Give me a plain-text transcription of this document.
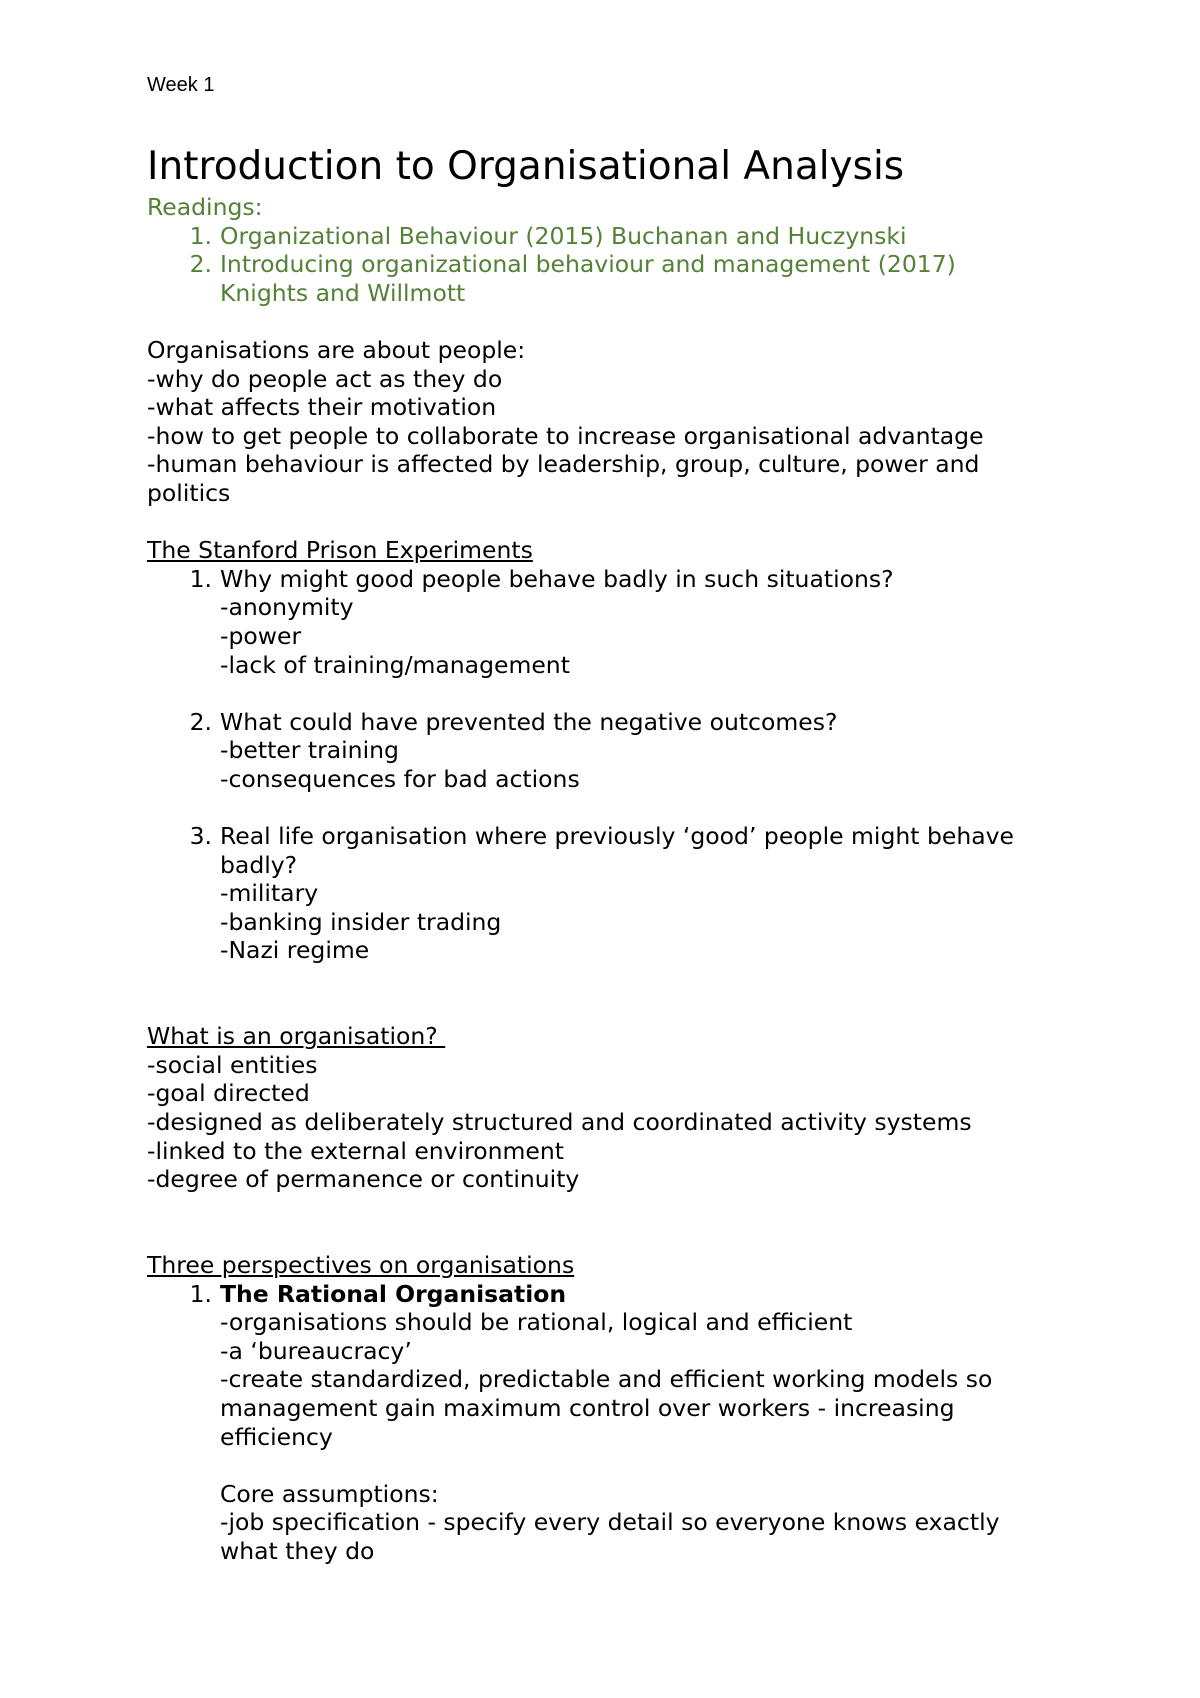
Week 1
Introduction to Organisational Analysis
Readings:
1. Organizational Behaviour (2015) Buchanan and Huczynski
2. Introducing organizational behaviour and management (2017)
Knights and Willmott
Organisations are about people:
-why do people act as they do
-what affects their motivation
-how to get people to collaborate to increase organisational advantage
-human behaviour is affected by leadership, group, culture, power and
politics
The Stanford Prison Experiments
1. Why might good people behave badly in such situations?
-anonymity
-power
-lack of training/management
2. What could have prevented the negative outcomes?
-better training
-consequences for bad actions
3. Real life organisation where previously ‘good’ people might behave
badly?
-military
-banking insider trading
-Nazi regime
What is an organisation?
-social entities
-goal directed
-designed as deliberately structured and coordinated activity systems
-linked to the external environment
-degree of permanence or continuity
Three perspectives on organisations
1. The Rational Organisation
-organisations should be rational, logical and efficient
-a ‘bureaucracy’
-create standardized, predictable and efficient working models so
management gain maximum control over workers - increasing
efficiency
Core assumptions:
-job specification - specify every detail so everyone knows exactly
what they do
